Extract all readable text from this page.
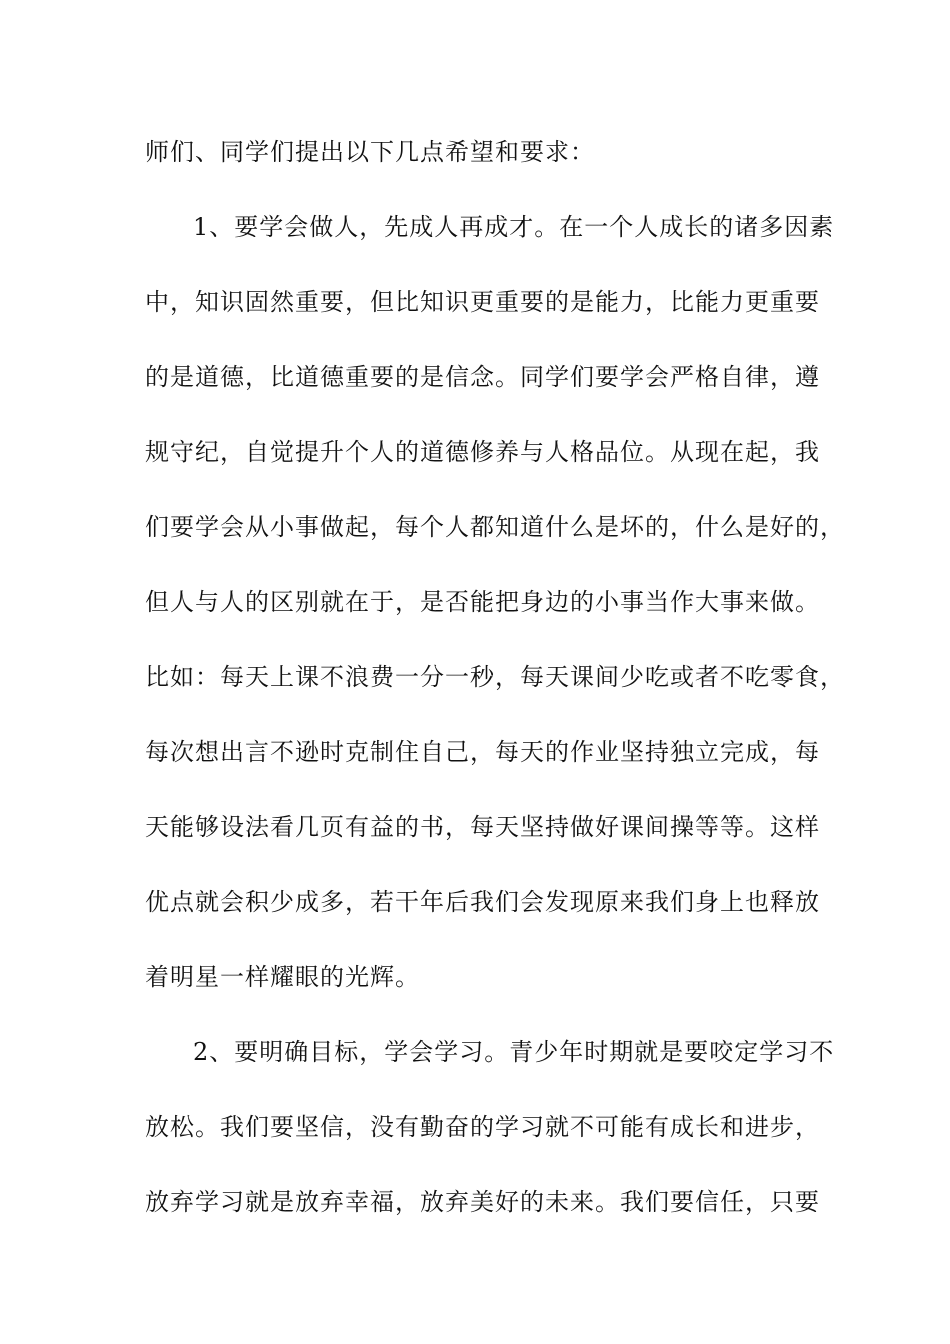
师们、同学们提出以下几点希望和要求：
1、要学会做人，先成人再成才。在一个人成长的诸多因素
中，知识固然重要，但比知识更重要的是能力，比能力更重要
的是道德，比道德重要的是信念。同学们要学会严格自律，遵
规守纪，自觉提升个人的道德修养与人格品位。从现在起，我
们要学会从小事做起，每个人都知道什么是坏的，什么是好的，
但人与人的区别就在于，是否能把身边的小事当作大事来做。
比如：每天上课不浪费一分一秒，每天课间少吃或者不吃零食，
每次想出言不逊时克制住自己，每天的作业坚持独立完成，每
天能够设法看几页有益的书，每天坚持做好课间操等等。这样
优点就会积少成多，若干年后我们会发现原来我们身上也释放
着明星一样耀眼的光辉。
2、要明确目标，学会学习。青少年时期就是要咬定学习不
放松。我们要坚信，没有勤奋的学习就不可能有成长和进步，
放弃学习就是放弃幸福，放弃美好的未来。我们要信任，只要
